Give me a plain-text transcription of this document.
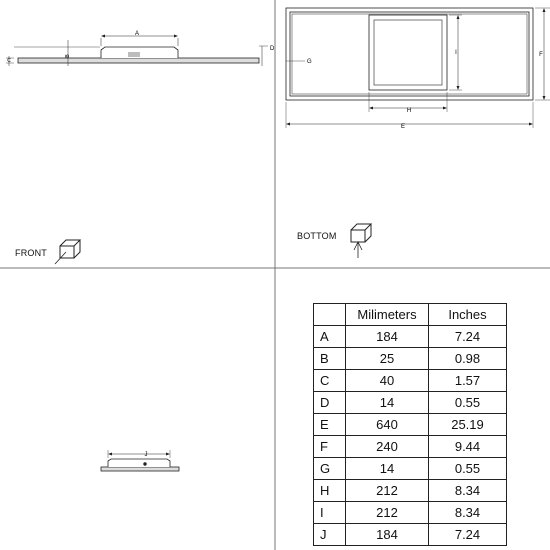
A
B
C
D
E
H
I	F
G
J
FRONT
BOTTOM
	Milimeters	Inches
A	184	7.24
B	25	0.98
C	40	1.57
D	14	0.55
E	640	25.19
F	240	9.44
G	14	0.55
H	212	8.34
I	212	8.34
J	184	7.24
